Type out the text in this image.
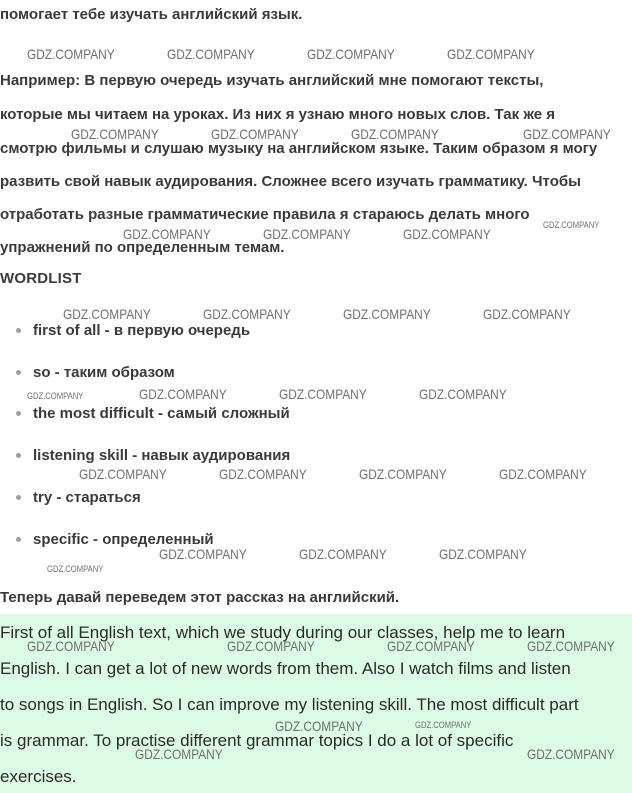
помогает тебе изучать английский язык.
Например: В первую очередь изучать английский мне помогают тексты,
которые мы читаем на уроках. Из них я узнаю много новых слов. Так же я
смотрю фильмы и слушаю музыку на английском языке. Таким образом я могу
развить свой навык аудирования. Сложнее всего изучать грамматику. Чтобы
отработать разные грамматические правила я стараюсь делать много
упражнений по определенным темам.
WORDLIST
first of all - в первую очередь
so - таким образом
the most difficult - самый сложный
listening skill - навык аудирования
try - стараться
specific - определенный
Теперь давай переведем этот рассказ на английский.
First of all English text, which we study during our classes, help me to learn
English. I can get a lot of new words from them. Also I watch films and listen
to songs in English. So I can improve my listening skill. The most difficult part
is grammar. To practise different grammar topics I do a lot of specific
exercises.
GDZ.COMPANY	GDZ.COMPANY	GDZ.COMPANY	GDZ.COMPANY
GDZ.COMPANY	GDZ.COMPANY	GDZ.COMPANY	GDZ.COMPANY
GDZ.COMPANY	GDZ.COMPANY	GDZ.COMPANY
GDZ.COMPANY
GDZ.COMPANY	GDZ.COMPANY	GDZ.COMPANY	GDZ.COMPANY
GDZ.COMPANY	GDZ.COMPANY	GDZ.COMPANY	GDZ.COMPANY
GDZ.COMPANY	GDZ.COMPANY	GDZ.COMPANY	GDZ.COMPANY
GDZ.COMPANY	GDZ.COMPANY	GDZ.COMPANY
GDZ.COMPANY
GDZ.COMPANY	GDZ.COMPANY	GDZ.COMPANY	GDZ.COMPANY
GDZ.COMPANY	GDZ.COMPANY
GDZ.COMPANY	GDZ.COMPANY
